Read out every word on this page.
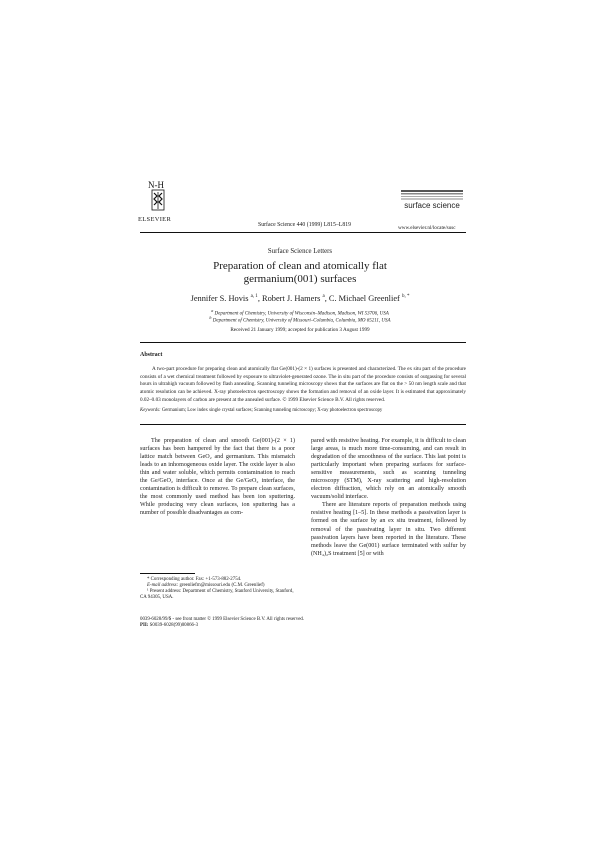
N-H
ELSEVIER
Surface Science 440 (1999) L815–L819
surface science
www.elsevier.nl/locate/susc
Surface Science Letters
Preparation of clean and atomically flat
germanium(001) surfaces
Jennifer S. Hovis $^{a, 1}$, Robert J. Hamers $^a$, C. Michael Greenlief $^{b, *}$
$^a$ Department of Chemistry, University of Wisconsin–Madison, Madison, WI 53706, USA
$^b$ Department of Chemistry, University of Missouri–Columbia, Columbia, MO 65211, USA
Received 21 January 1999; accepted for publication 3 August 1999
Abstract
A two-part procedure for preparing clean and atomically flat Ge(001)-(2 × 1) surfaces is presented and characterized. The ex situ part of the procedure consists of a wet chemical treatment followed by exposure to ultraviolet-generated ozone. The in situ part of the procedure consists of outgassing for several hours in ultrahigh vacuum followed by flash annealing. Scanning tunneling microscopy shows that the surfaces are flat on the > 50 nm length scale and that atomic resolution can be achieved. X-ray photoelectron spectroscopy shows the formation and removal of an oxide layer. It is estimated that approximately 0.02–0.03 monolayers of carbon are present at the annealed surface. © 1999 Elsevier Science B.V. All rights reserved.
Keywords: Germanium; Low index single crystal surfaces; Scanning tunneling microscopy; X-ray photoelectron spectroscopy

The preparation of clean and smooth Ge(001)-(2 × 1) surfaces has been hampered by the fact that there is a poor lattice match between GeO₂ and germanium. This mismatch leads to an inhomogeneous oxide layer. The oxide layer is also thin and water soluble, which permits contamination to reach the Ge/GeO₂ interface. Once at the Ge/GeO₂ interface, the contamination is difficult to remove. To prepare clean surfaces, the most commonly used method has been ion sputtering. While producing very clean surfaces, ion sputtering has a number of possible disadvantages as com-

pared with resistive heating. For example, it is difficult to clean large areas, is much more time-consuming, and can result in degradation of the smoothness of the surface. This last point is particularly important when preparing surfaces for surface-sensitive measurements, such as scanning tunneling microscopy (STM), X-ray scattering and high-resolution electron diffraction, which rely on an atomically smooth vacuum/solid interface.

There are literature reports of preparation methods using resistive heating [1–5]. In these methods a passivation layer is formed on the surface by an ex situ treatment, followed by removal of the passivating layer in situ. Two different passivation layers have been reported in the literature. These methods leave the Ge(001) surface terminated with sulfur by (NH₄)₂S treatment [5] or with

* Corresponding author. Fax: +1-573-882-2754.

E-mail address: greenliefm@missouri.edu (C.M. Greenlief)

¹ Present address: Department of Chemistry, Stanford University, Stanford, CA 94305, USA.

0039-6028/99/$ - see front matter © 1999 Elsevier Science B.V. All rights reserved.
PII: S0039-6028(99)00866-3
